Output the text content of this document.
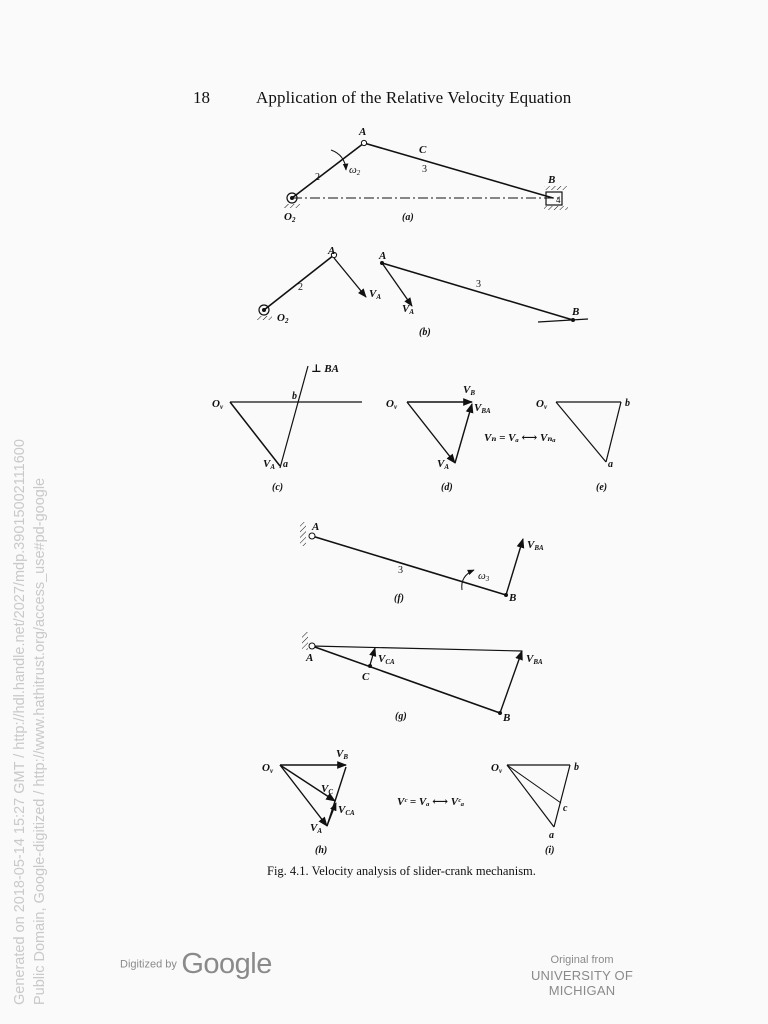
18	Application of the Relative Velocity Equation
A
C
B
2
3
4
ω2
O2	(a)
A	A
B
2	3
VA
VA
O2
(b)
⊥ BA
Ov
b
VA a
(c)
Ov
VB
VBA
VA
(d)
Vₙ = Vₐ ⟷ Vₙₐ
Ov	b
a
(e)
A
B
3	ω3
VBA
(f)
A
C
B
VCA	VBA
(g)
Ov
VB
VC
VCA
VA
(h)
Vᶜ = Vₐ ⟷ Vᶜₐ
Ov	b
c
a
(i)
Fig. 4.1. Velocity analysis of slider-crank mechanism.
Generated on 2018-05-14 15:27 GMT / http://hdl.handle.net/2027/mdp.39015002111600 Public Domain, Google-digitized / http://www.hathitrust.org/access_use#pd-google	Digitized by Google	Original from
UNIVERSITY OF MICHIGAN
